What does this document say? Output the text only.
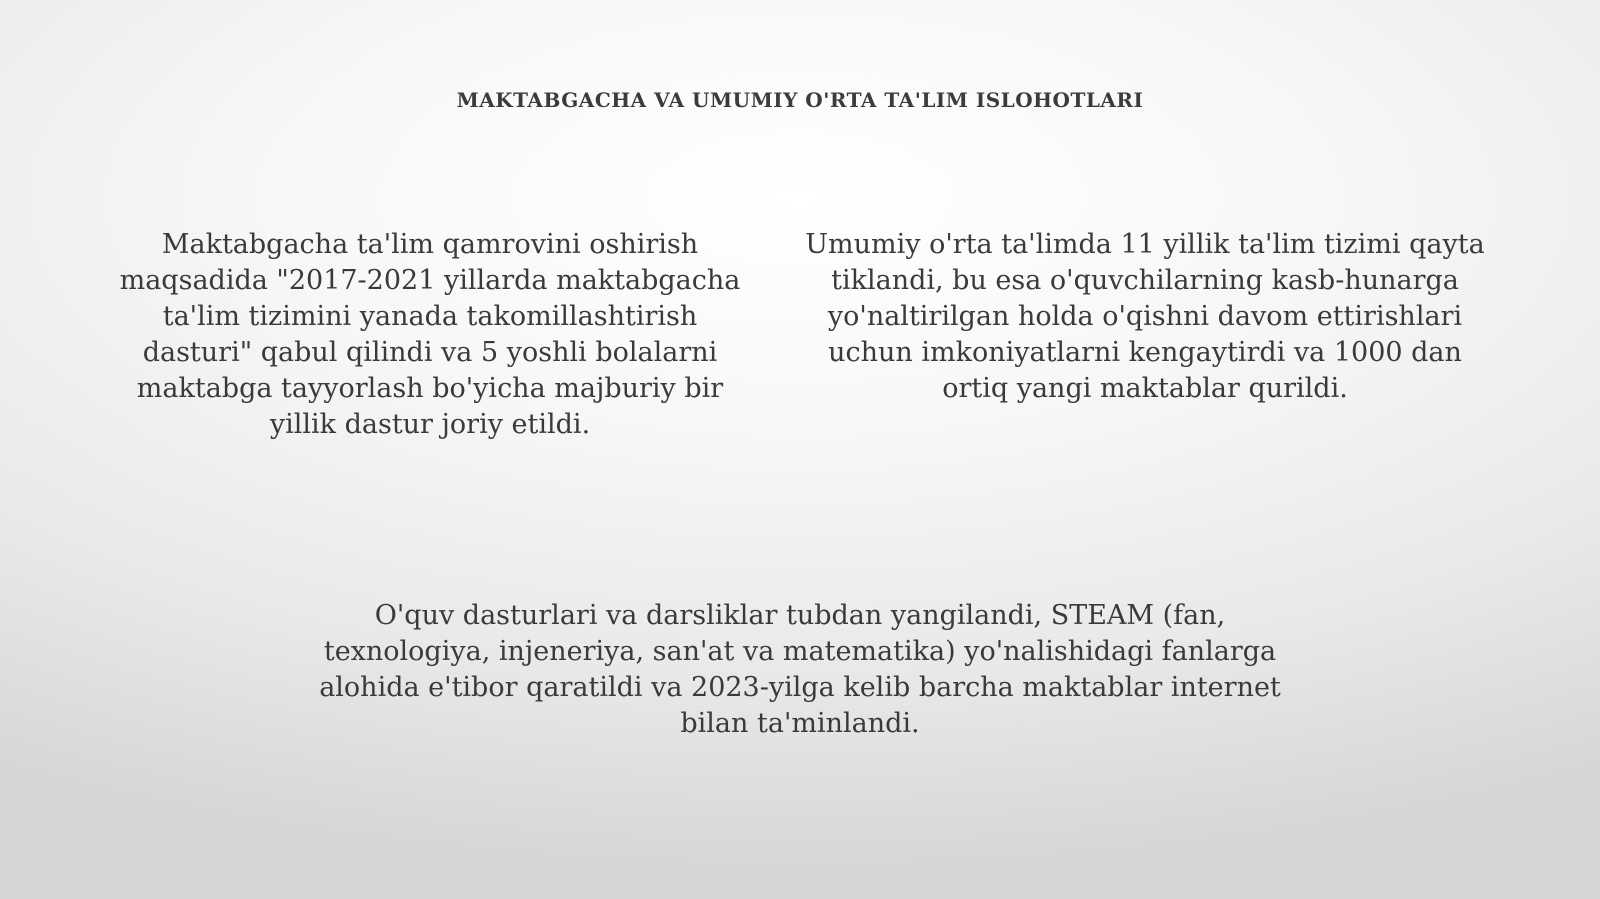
MAKTABGACHA VA UMUMIY O'RTA TA'LIM ISLOHOTLARI

Maktabgacha ta'lim qamrovini oshirish maqsadida "2017-2021 yillarda maktabgacha ta'lim tizimini yanada takomillashtirish dasturi" qabul qilindi va 5 yoshli bolalarni maktabga tayyorlash bo'yicha majburiy bir yillik dastur joriy etildi.

Umumiy o'rta ta'limda 11 yillik ta'lim tizimi qayta tiklandi, bu esa o'quvchilarning kasb-hunarga yo'naltirilgan holda o'qishni davom ettirishlari uchun imkoniyatlarni kengaytirdi va 1000 dan ortiq yangi maktablar qurildi.

O'quv dasturlari va darsliklar tubdan yangilandi, STEAM (fan, texnologiya, injeneriya, san'at va matematika) yo'nalishidagi fanlarga alohida e'tibor qaratildi va 2023-yilga kelib barcha maktablar internet bilan ta'minlandi.
